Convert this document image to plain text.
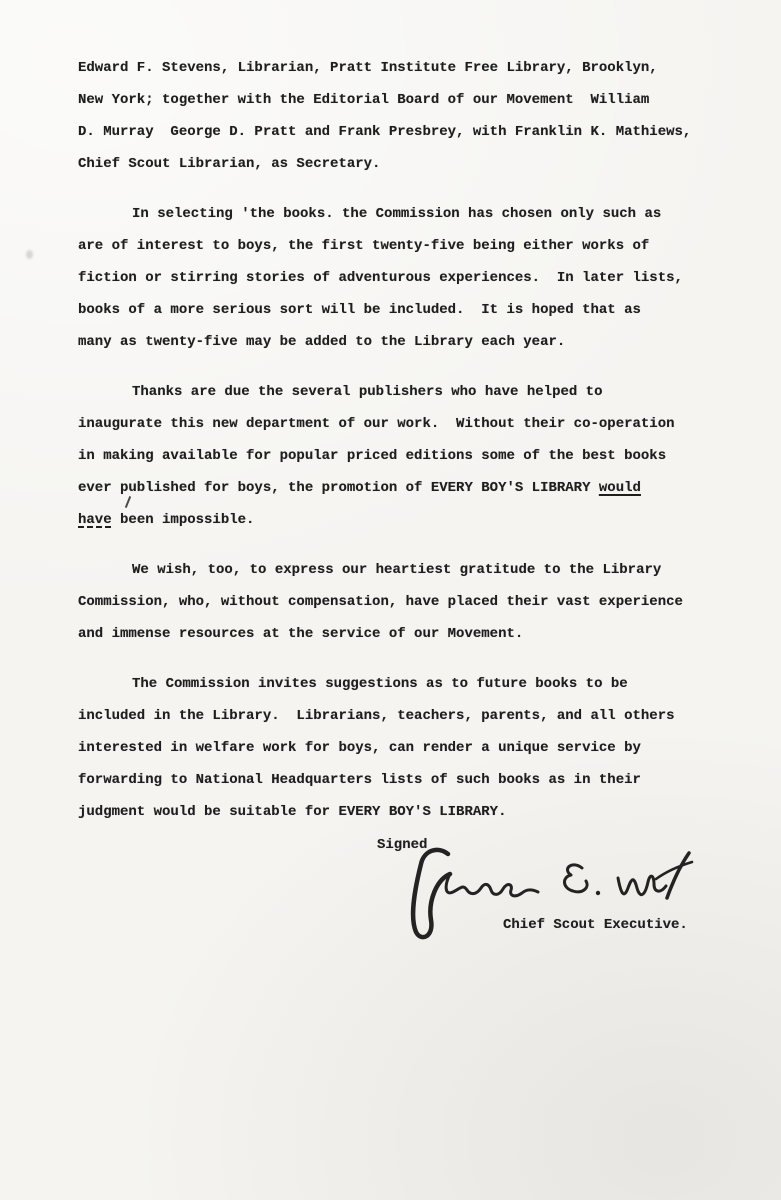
Edward F. Stevens, Librarian, Pratt Institute Free Library, Brooklyn,
New York; together with the Editorial Board of our Movement  William
D. Murray  George D. Pratt and Frank Presbrey, with Franklin K. Mathiews,
Chief Scout Librarian, as Secretary.
In selecting 'the books. the Commission has chosen only such as
are of interest to boys, the first twenty-five being either works of
fiction or stirring stories of adventurous experiences.  In later lists,
books of a more serious sort will be included.  It is hoped that as
many as twenty-five may be added to the Library each year.
Thanks are due the several publishers who have helped to
inaugurate this new department of our work.  Without their co-operation
in making available for popular priced editions some of the best books
ever published for boys, the promotion of EVERY BOY'S LIBRARY would
have been impossible.
We wish, too, to express our heartiest gratitude to the Library
Commission, who, without compensation, have placed their vast experience
and immense resources at the service of our Movement.
The Commission invites suggestions as to future books to be
included in the Library.  Librarians, teachers, parents, and all others
interested in welfare work for boys, can render a unique service by
forwarding to National Headquarters lists of such books as in their
judgment would be suitable for EVERY BOY'S LIBRARY.
Signed
Chief Scout Executive.
